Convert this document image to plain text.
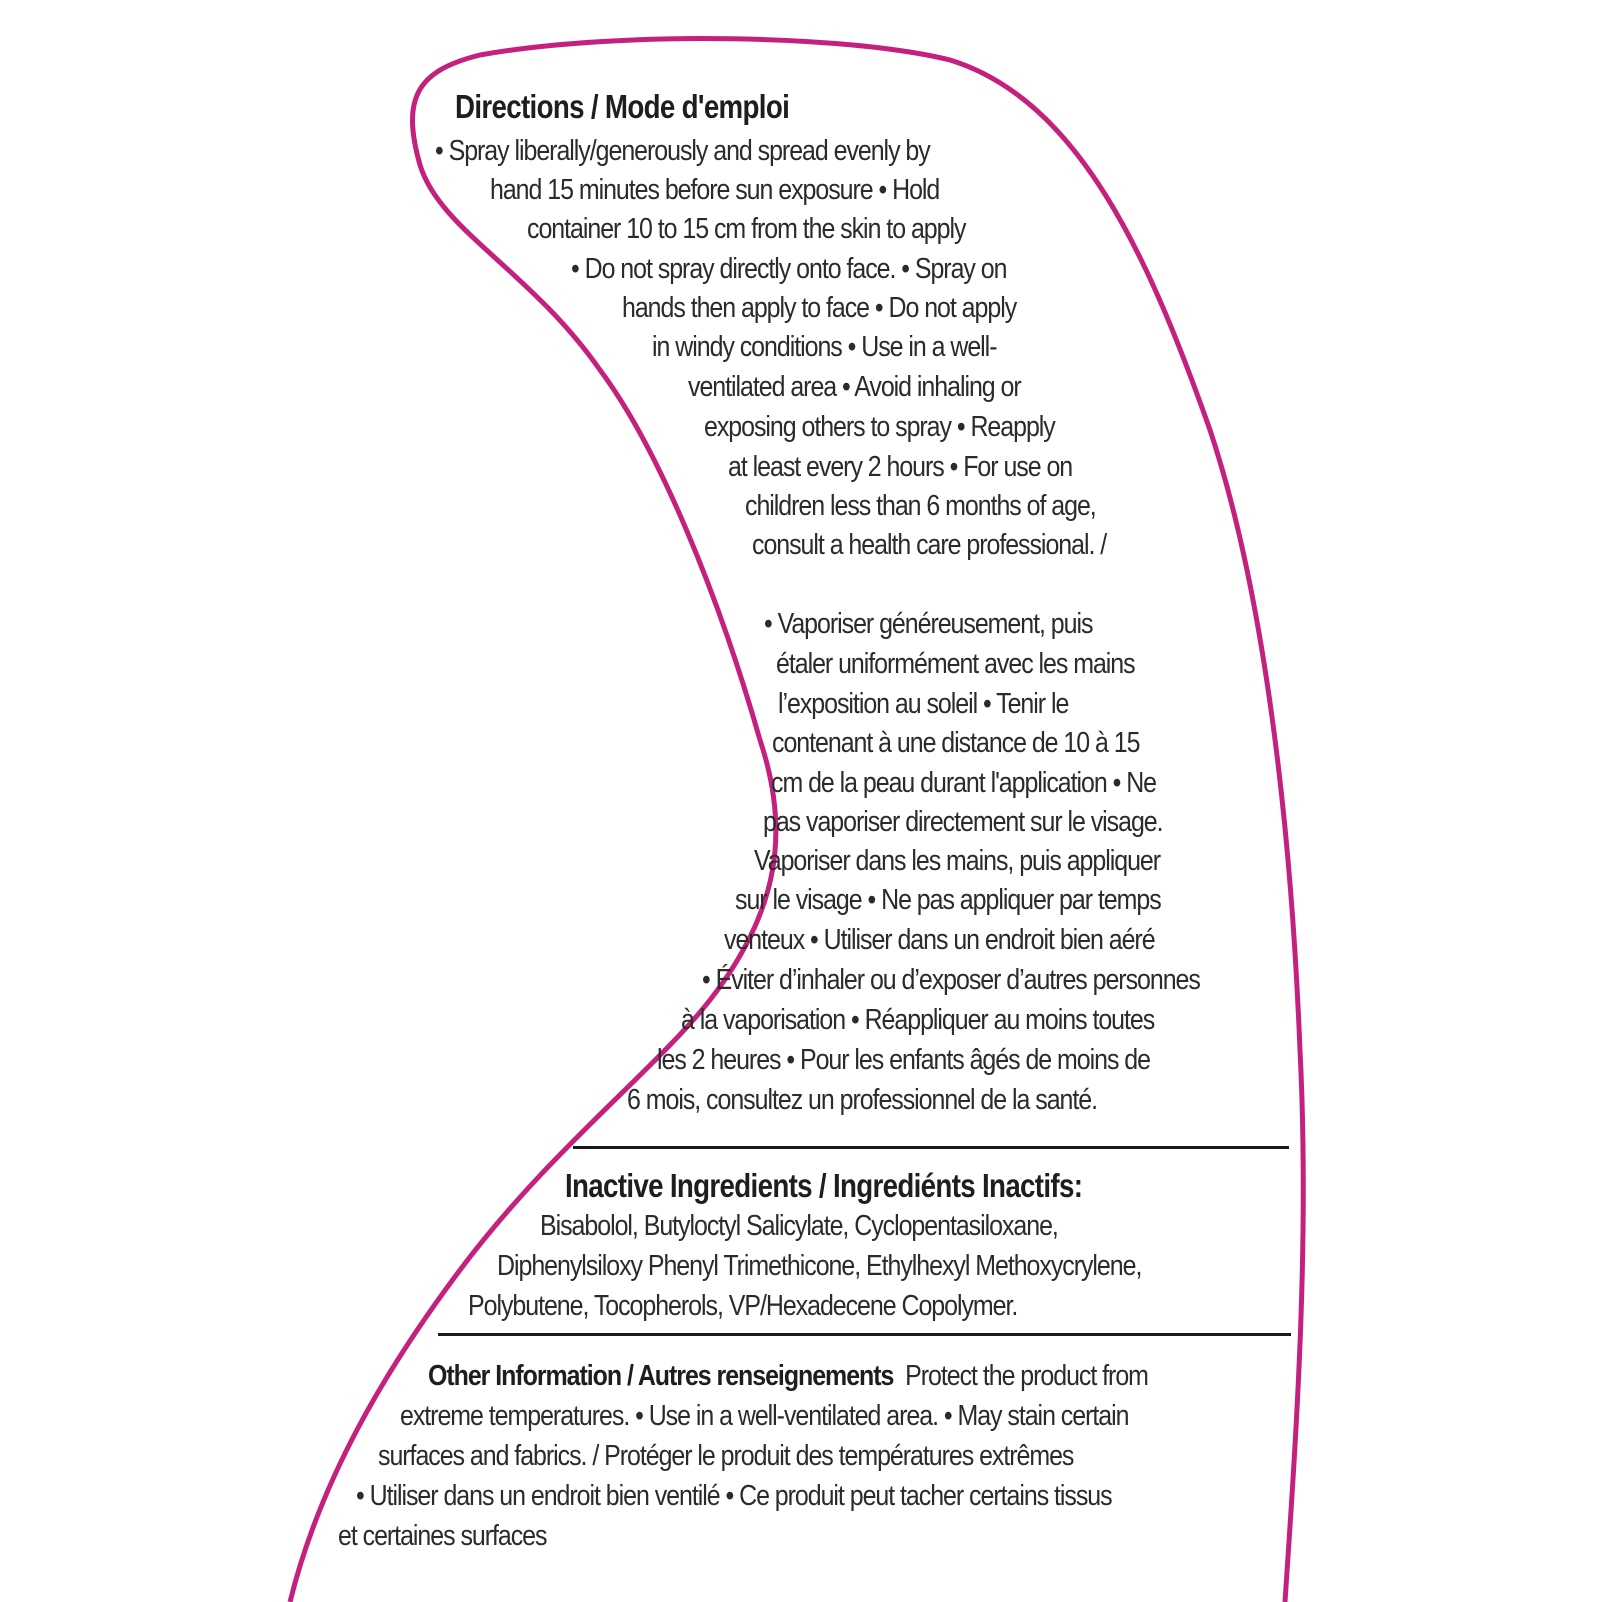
Directions / Mode d'emploi
• Spray liberally/generously and spread evenly by
hand 15 minutes before sun exposure • Hold
container 10 to 15 cm from the skin to apply
• Do not spray directly onto face. • Spray on
hands then apply to face • Do not apply
in windy conditions • Use in a well-
ventilated area • Avoid inhaling or
exposing others to spray • Reapply
at least every 2 hours • For use on
children less than 6 months of age,
consult a health care professional. /
• Vaporiser généreusement, puis
étaler uniformément avec les mains
l’exposition au soleil • Tenir le
contenant à une distance de 10 à 15
cm de la peau durant l'application • Ne
pas vaporiser directement sur le visage.
Vaporiser dans les mains, puis appliquer
sur le visage • Ne pas appliquer par temps
venteux • Utiliser dans un endroit bien aéré
• Éviter d’inhaler ou d’exposer d’autres personnes
à la vaporisation • Réappliquer au moins toutes
les 2 heures • Pour les enfants âgés de moins de
6 mois, consultez un professionnel de la santé.
Inactive Ingredients / Ingrediénts Inactifs:
Bisabolol, Butyloctyl Salicylate, Cyclopentasiloxane,
Diphenylsiloxy Phenyl Trimethicone, Ethylhexyl Methoxycrylene,
Polybutene, Tocopherols, VP/Hexadecene Copolymer.
Other Information / Autres renseignements Protect the product from
extreme temperatures. • Use in a well-ventilated area. • May stain certain
surfaces and fabrics. / Protéger le produit des températures extrêmes
• Utiliser dans un endroit bien ventilé • Ce produit peut tacher certains tissus
et certaines surfaces
